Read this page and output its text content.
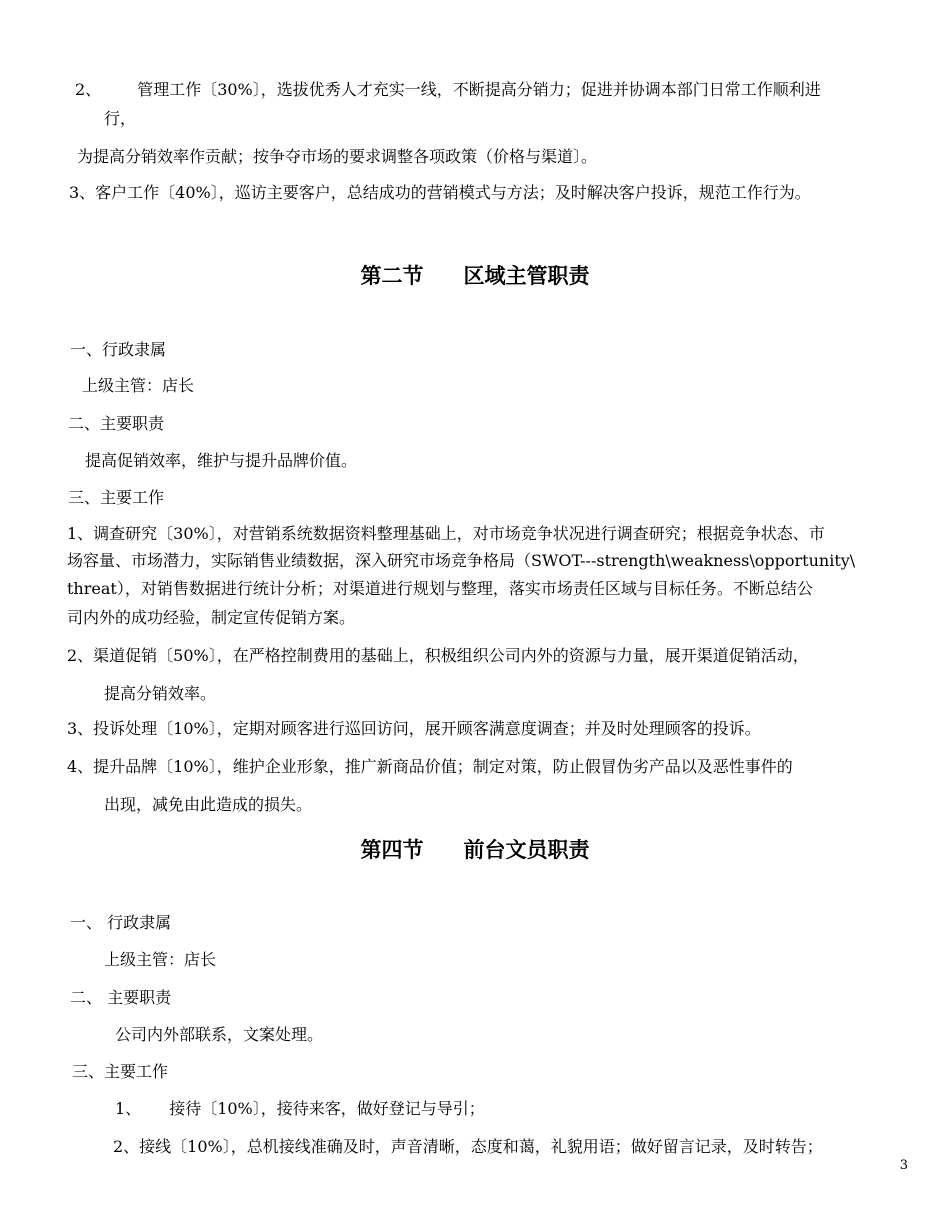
2、 管理工作〔30%〕，选拔优秀人才充实一线，不断提高分销力；促进并协调本部门日常工作顺利进
行，
为提高分销效率作贡献；按争夺市场的要求调整各项政策（价格与渠道〕。
3、客户工作〔40%〕，巡访主要客户，总结成功的营销模式与方法；及时解决客户投诉，规范工作行为。
第二节 区域主管职责
一、行政隶属
上级主管：店长
二、主要职责
提高促销效率，维护与提升品牌价值。
三、主要工作
1、调查研究〔30%〕，对营销系统数据资料整理基础上，对市场竞争状况进行调查研究；根据竞争状态、市
场容量、市场潜力，实际销售业绩数据，深入研究市场竞争格局（SWOT---strength\weakness\opportunity\
threat），对销售数据进行统计分析；对渠道进行规划与整理，落实市场责任区域与目标任务。不断总结公
司内外的成功经验，制定宣传促销方案。
2、渠道促销〔50%〕，在严格控制费用的基础上，积极组织公司内外的资源与力量，展开渠道促销活动，
提高分销效率。
3、投诉处理〔10%〕，定期对顾客进行巡回访问，展开顾客满意度调查；并及时处理顾客的投诉。
4、提升品牌〔10%〕，维护企业形象，推广新商品价值；制定对策，防止假冒伪劣产品以及恶性事件的
出现，减免由此造成的损失。
第四节 前台文员职责
一、 行政隶属
上级主管：店长
二、 主要职责
公司内外部联系，文案处理。
三、主要工作
1、 接待〔10%〕，接待来客，做好登记与导引；
2、接线〔10%〕，总机接线准确及时，声音清晰，态度和蔼，礼貌用语；做好留言记录，及时转告；
3
